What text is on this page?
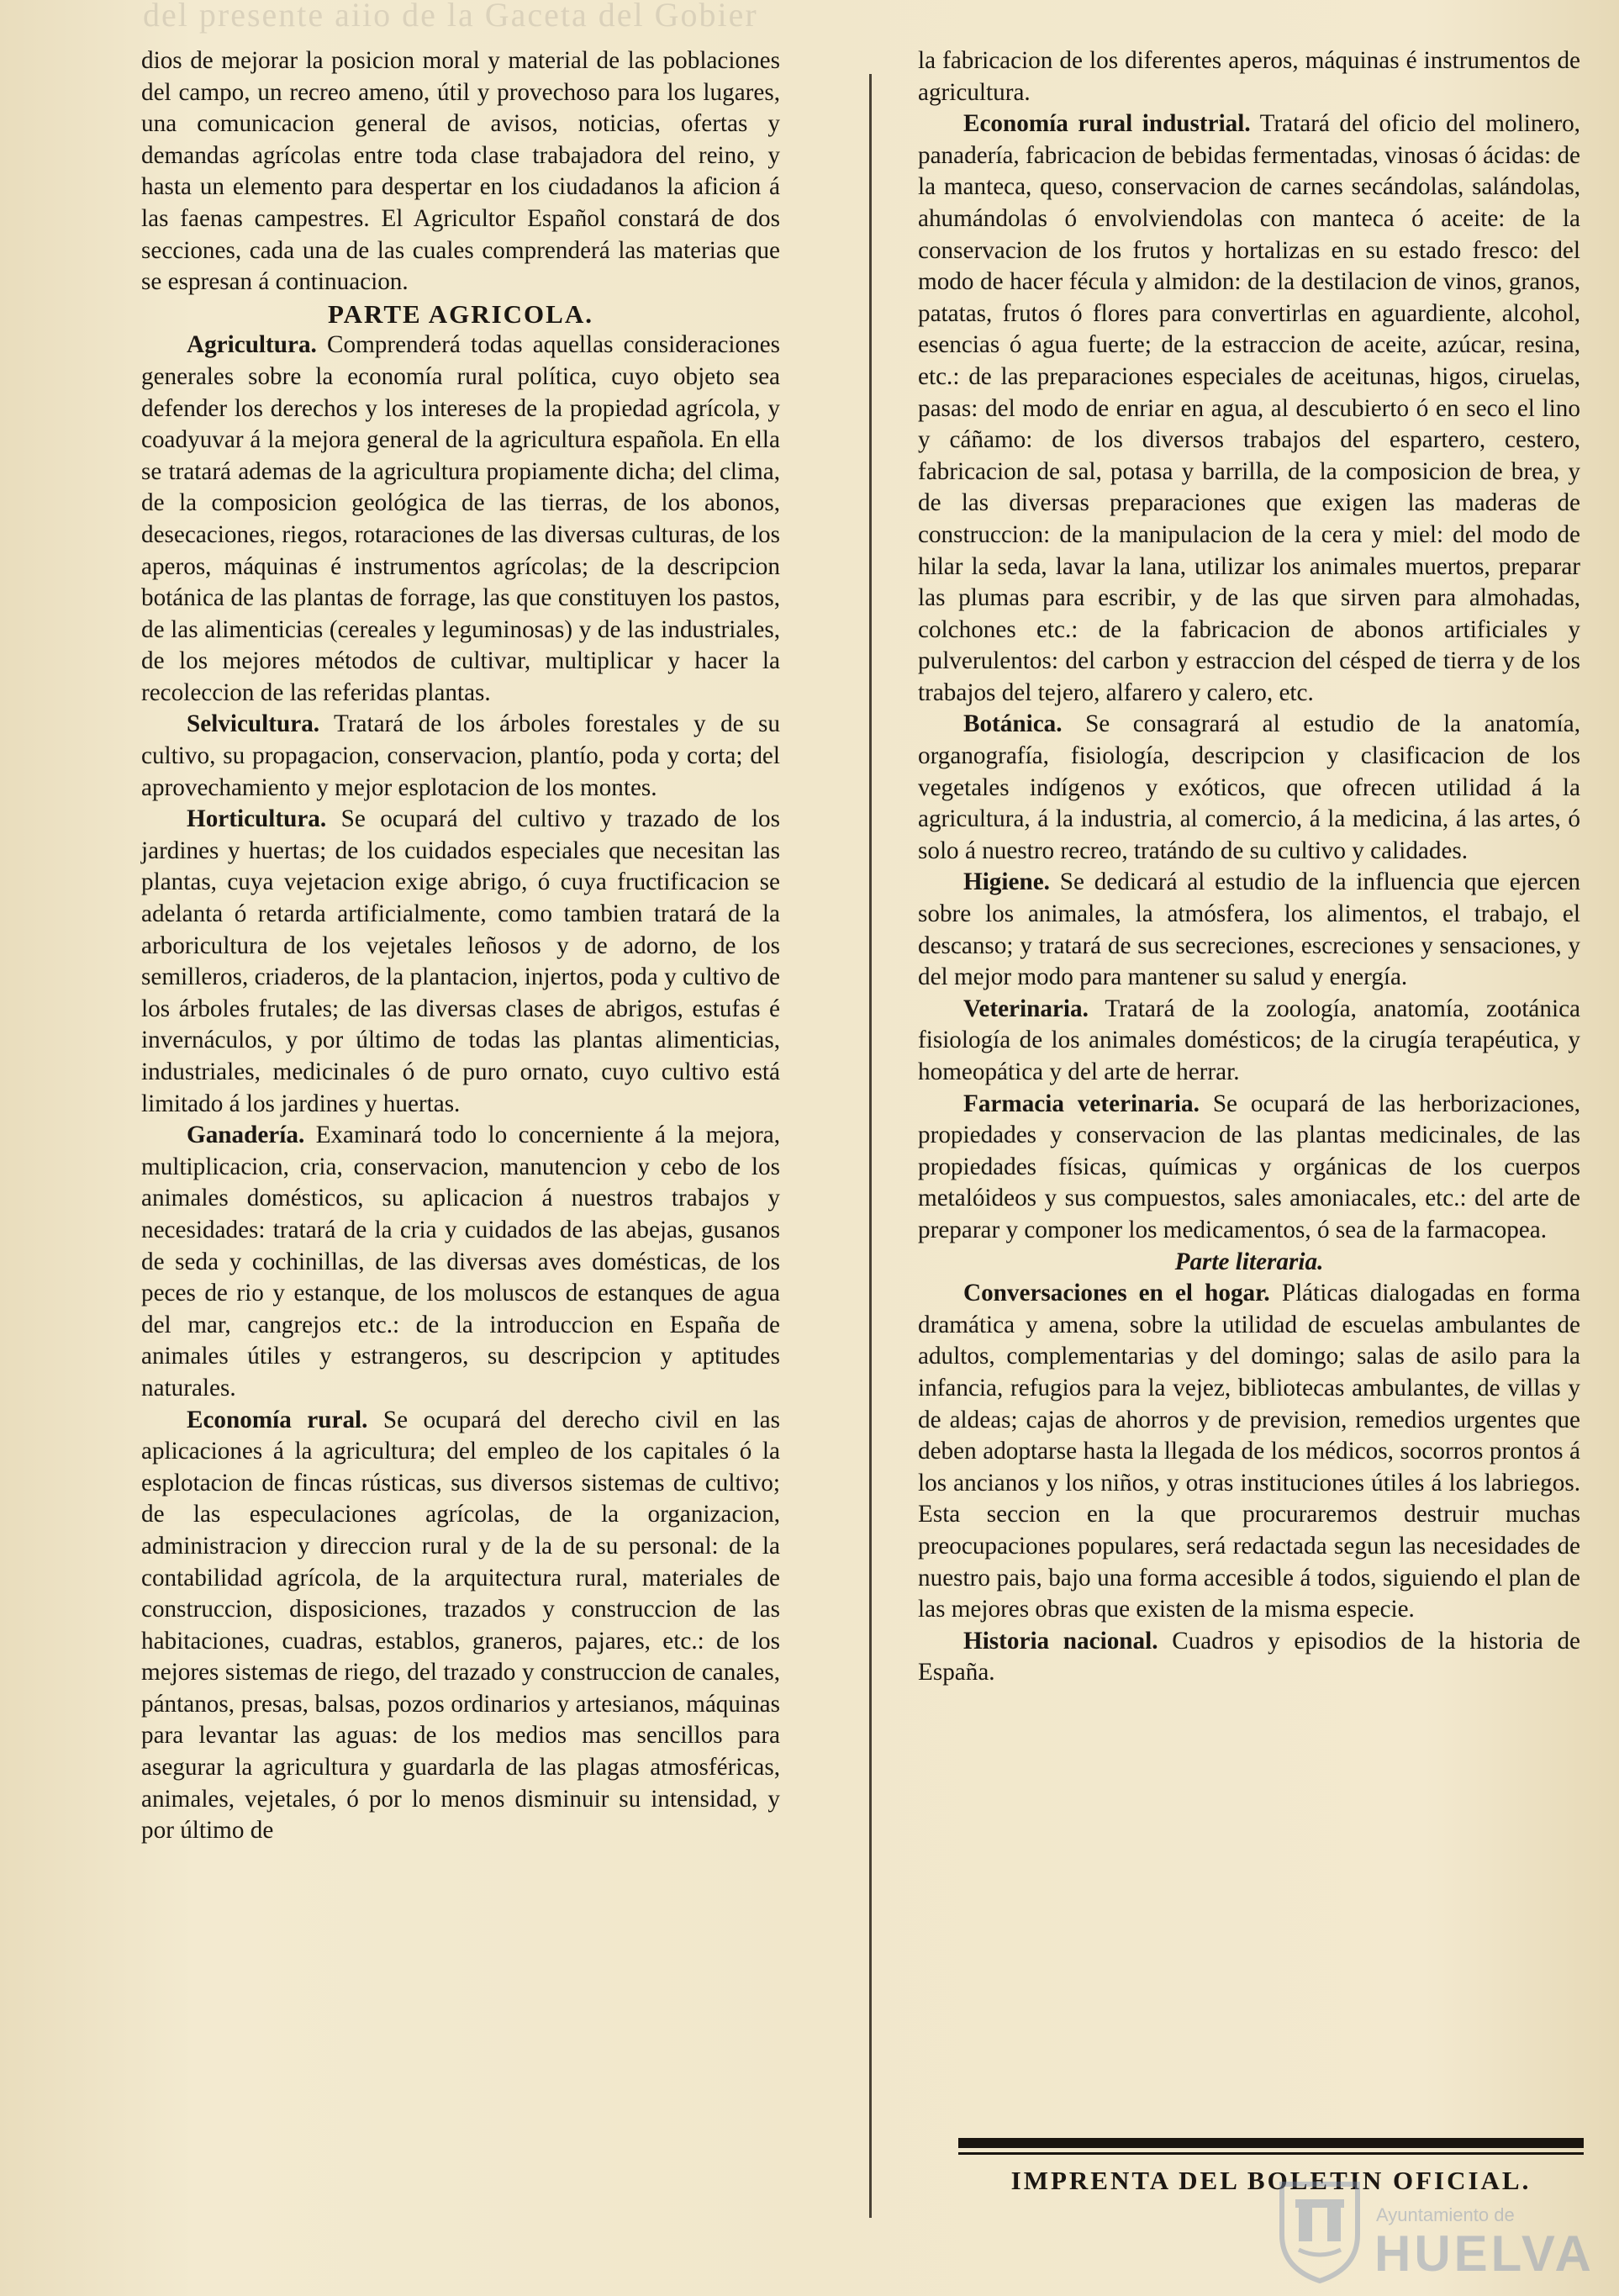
del presente aiio de la Gaceta del Gobier

dios de mejorar la posicion moral y material de las poblaciones del campo, un recreo ameno, útil y provechoso para los lugares, una comunicacion general de avisos, noticias, ofertas y demandas agrícolas entre toda clase trabajadora del reino, y hasta un elemento para despertar en los ciudadanos la aficion á las faenas campestres. El Agricultor Español constará de dos secciones, cada una de las cuales comprenderá las materias que se espresan á continuacion.

PARTE AGRICOLA.

Agricultura. Comprenderá todas aquellas consideraciones generales sobre la economía rural política, cuyo objeto sea defender los derechos y los intereses de la propiedad agrícola, y coadyuvar á la mejora general de la agricultura española. En ella se tratará ademas de la agricultura propiamente dicha; del clima, de la composicion geológica de las tierras, de los abonos, desecaciones, riegos, rotaraciones de las diversas culturas, de los aperos, máquinas é instrumentos agrícolas; de la descripcion botánica de las plantas de forrage, las que constituyen los pastos, de las alimenticias (cereales y leguminosas) y de las industriales, de los mejores métodos de cultivar, multiplicar y hacer la recoleccion de las referidas plantas.

Selvicultura. Tratará de los árboles forestales y de su cultivo, su propagacion, conservacion, plantío, poda y corta; del aprovechamiento y mejor esplotacion de los montes.

Horticultura. Se ocupará del cultivo y trazado de los jardines y huertas; de los cuidados especiales que necesitan las plantas, cuya vejetacion exige abrigo, ó cuya fructificacion se adelanta ó retarda artificialmente, como tambien tratará de la arboricultura de los vejetales leñosos y de adorno, de los semilleros, criaderos, de la plantacion, injertos, poda y cultivo de los árboles frutales; de las diversas clases de abrigos, estufas é invernáculos, y por último de todas las plantas alimenticias, industriales, medicinales ó de puro ornato, cuyo cultivo está limitado á los jardines y huertas.

Ganadería. Examinará todo lo concerniente á la mejora, multiplicacion, cria, conservacion, manutencion y cebo de los animales domésticos, su aplicacion á nuestros trabajos y necesidades: tratará de la cria y cuidados de las abejas, gusanos de seda y cochinillas, de las diversas aves domésticas, de los peces de rio y estanque, de los moluscos de estanques de agua del mar, cangrejos etc.: de la introduccion en España de animales útiles y estrangeros, su descripcion y aptitudes naturales.

Economía rural. Se ocupará del derecho civil en las aplicaciones á la agricultura; del empleo de los capitales ó la esplotacion de fincas rústicas, sus diversos sistemas de cultivo; de las especulaciones agrícolas, de la organizacion, administracion y direccion rural y de la de su personal: de la contabilidad agrícola, de la arquitectura rural, materiales de construccion, disposiciones, trazados y construccion de las habitaciones, cuadras, establos, graneros, pajares, etc.: de los mejores sistemas de riego, del trazado y construccion de canales, pántanos, presas, balsas, pozos ordinarios y artesianos, máquinas para levantar las aguas: de los medios mas sencillos para asegurar la agricultura y guardarla de las plagas atmosféricas, animales, vejetales, ó por lo menos disminuir su intensidad, y por último de

la fabricacion de los diferentes aperos, máquinas é instrumentos de agricultura.

Economía rural industrial. Tratará del oficio del molinero, panadería, fabricacion de bebidas fermentadas, vinosas ó ácidas: de la manteca, queso, conservacion de carnes secándolas, salándolas, ahumándolas ó envolviendolas con manteca ó aceite: de la conservacion de los frutos y hortalizas en su estado fresco: del modo de hacer fécula y almidon: de la destilacion de vinos, granos, patatas, frutos ó flores para convertirlas en aguardiente, alcohol, esencias ó agua fuerte; de la estraccion de aceite, azúcar, resina, etc.: de las preparaciones especiales de aceitunas, higos, ciruelas, pasas: del modo de enriar en agua, al descubierto ó en seco el lino y cáñamo: de los diversos trabajos del espartero, cestero, fabricacion de sal, potasa y barrilla, de la composicion de brea, y de las diversas preparaciones que exigen las maderas de construccion: de la manipulacion de la cera y miel: del modo de hilar la seda, lavar la lana, utilizar los animales muertos, preparar las plumas para escribir, y de las que sirven para almohadas, colchones etc.: de la fabricacion de abonos artificiales y pulverulentos: del carbon y estraccion del césped de tierra y de los trabajos del tejero, alfarero y calero, etc.

Botánica. Se consagrará al estudio de la anatomía, organografía, fisiología, descripcion y clasificacion de los vegetales indígenos y exóticos, que ofrecen utilidad á la agricultura, á la industria, al comercio, á la medicina, á las artes, ó solo á nuestro recreo, tratándo de su cultivo y calidades.

Higiene. Se dedicará al estudio de la influencia que ejercen sobre los animales, la atmósfera, los alimentos, el trabajo, el descanso; y tratará de sus secreciones, escreciones y sensaciones, y del mejor modo para mantener su salud y energía.

Veterinaria. Tratará de la zoología, anatomía, zootánica fisiología de los animales domésticos; de la cirugía terapéutica, y homeopática y del arte de herrar.

Farmacia veterinaria. Se ocupará de las herborizaciones, propiedades y conservacion de las plantas medicinales, de las propiedades físicas, químicas y orgánicas de los cuerpos metalóideos y sus compuestos, sales amoniacales, etc.: del arte de preparar y componer los medicamentos, ó sea de la farmacopea.

Parte literaria.

Conversaciones en el hogar. Pláticas dialogadas en forma dramática y amena, sobre la utilidad de escuelas ambulantes de adultos, complementarias y del domingo; salas de asilo para la infancia, refugios para la vejez, bibliotecas ambulantes, de villas y de aldeas; cajas de ahorros y de prevision, remedios urgentes que deben adoptarse hasta la llegada de los médicos, socorros prontos á los ancianos y los niños, y otras instituciones útiles á los labriegos. Esta seccion en la que procuraremos destruir muchas preocupaciones populares, será redactada segun las necesidades de nuestro pais, bajo una forma accesible á todos, siguiendo el plan de las mejores obras que existen de la misma especie.

Historia nacional. Cuadros y episodios de la historia de España.

IMPRENTA DEL BOLETIN OFICIAL.
Ayuntamiento de
HUELVA
